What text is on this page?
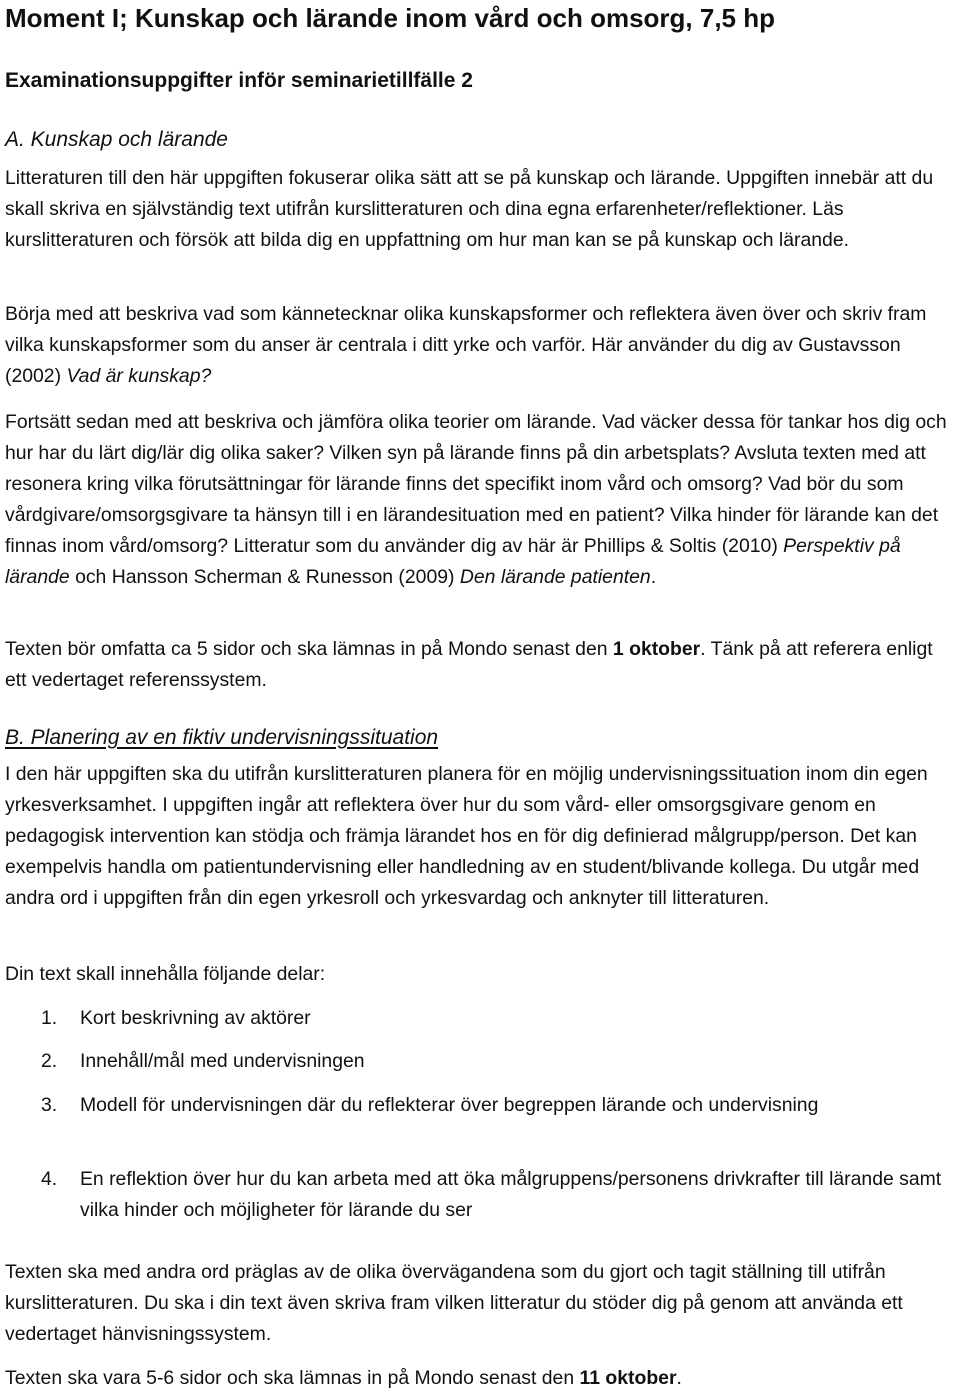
Moment I; Kunskap och lärande inom vård och omsorg, 7,5 hp
Examinationsuppgifter inför seminarietillfälle 2
A. Kunskap och lärande

Litteraturen till den här uppgiften fokuserar olika sätt att se på kunskap och lärande. Uppgiften innebär att du skall skriva en självständig text utifrån kurslitteraturen och dina egna erfarenheter/reflektioner. Läs kurslitteraturen och försök att bilda dig en uppfattning om hur man kan se på kunskap och lärande.

Börja med att beskriva vad som kännetecknar olika kunskapsformer och reflektera även över och skriv fram vilka kunskapsformer som du anser är centrala i ditt yrke och varför. Här använder du dig av Gustavsson (2002) Vad är kunskap?

Fortsätt sedan med att beskriva och jämföra olika teorier om lärande. Vad väcker dessa för tankar hos dig och hur har du lärt dig/lär dig olika saker? Vilken syn på lärande finns på din arbetsplats? Avsluta texten med att resonera kring vilka förutsättningar för lärande finns det specifikt inom vård och omsorg? Vad bör du som vårdgivare/omsorgsgivare ta hänsyn till i en lärandesituation med en patient? Vilka hinder för lärande kan det finnas inom vård/omsorg? Litteratur som du använder dig av här är Phillips & Soltis (2010) Perspektiv på lärande och Hansson Scherman & Runesson (2009) Den lärande patienten.

Texten bör omfatta ca 5 sidor och ska lämnas in på Mondo senast den 1 oktober. Tänk på att referera enligt ett vedertaget referenssystem.

B. Planering av en fiktiv undervisningssituation

I den här uppgiften ska du utifrån kurslitteraturen planera för en möjlig undervisningssituation inom din egen yrkesverksamhet. I uppgiften ingår att reflektera över hur du som vård- eller omsorgsgivare genom en pedagogisk intervention kan stödja och främja lärandet hos en för dig definierad målgrupp/person. Det kan exempelvis handla om patientundervisning eller handledning av en student/blivande kollega. Du utgår med andra ord i uppgiften från din egen yrkesroll och yrkesvardag och anknyter till litteraturen.

Din text skall innehålla följande delar:

1. Kort beskrivning av aktörer
2. Innehåll/mål med undervisningen
3. Modell för undervisningen där du reflekterar över begreppen lärande och undervisning
4. En reflektion över hur du kan arbeta med att öka målgruppens/personens drivkrafter till lärande samt vilka hinder och möjligheter för lärande du ser

Texten ska med andra ord präglas av de olika övervägandena som du gjort och tagit ställning till utifrån kurslitteraturen. Du ska i din text även skriva fram vilken litteratur du stöder dig på genom att använda ett vedertaget hänvisningssystem.

Texten ska vara 5-6 sidor och ska lämnas in på Mondo senast den 11 oktober.
